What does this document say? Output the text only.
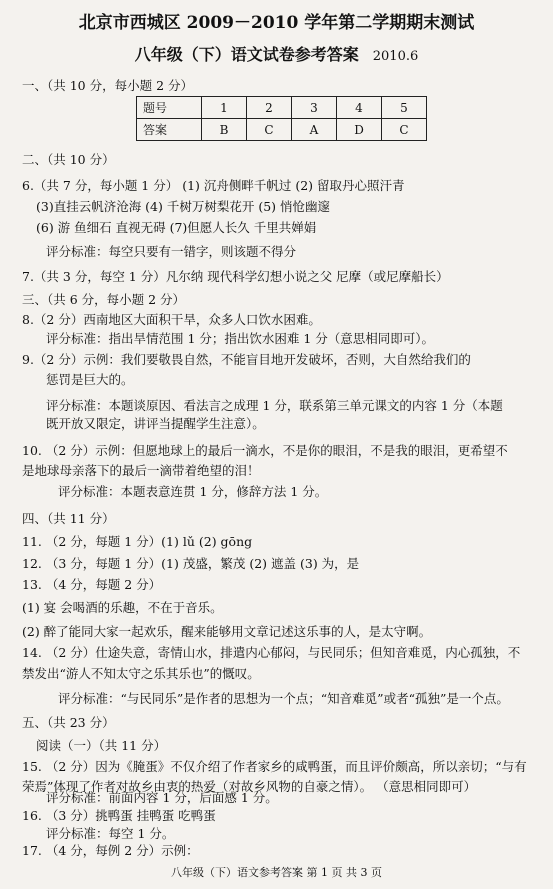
北京市西城区 2009－2010 学年第二学期期末测试
八年级（下）语文试卷参考答案 2010.6
一、（共 10 分，每小题 2 分）
题号	1	2	3	4	5
答案	B	C	A	D	C
二、（共 10 分）
6.（共 7 分，每小题 1 分） (1) 沉舟侧畔千帆过 (2) 留取丹心照汗青
(3)直挂云帆济沧海 (4) 千树万树梨花开 (5) 悄怆幽邃
(6) 游 鱼细石 直视无碍 (7)但愿人长久 千里共婵娟
评分标准：每空只要有一错字，则该题不得分
7.（共 3 分，每空 1 分）凡尔纳 现代科学幻想小说之父 尼摩（或尼摩船长）
三、（共 6 分，每小题 2 分）
8.（2 分）西南地区大面积干旱，众多人口饮水困难。
评分标准：指出旱情范围 1 分；指出饮水困难 1 分（意思相同即可）。
9.（2 分）示例：我们要敬畏自然，不能盲目地开发破坏，否则，大自然给我们的
惩罚是巨大的。
评分标准：本题谈原因、看法言之成理 1 分，联系第三单元课文的内容 1 分（本题
既开放又限定，讲评当提醒学生注意）。
10. （2 分）示例：但愿地球上的最后一滴水，不是你的眼泪，不是我的眼泪，更希望不
是地球母亲落下的最后一滴带着绝望的泪！
评分标准：本题表意连贯 1 分，修辞方法 1 分。
四、（共 11 分）
11. （2 分，每题 1 分）(1) lǔ (2) gōng
12. （3 分，每题 1 分）(1) 茂盛，繁茂 (2) 遮盖 (3) 为，是
13. （4 分，每题 2 分）
(1) 宴 会喝酒的乐趣，不在于音乐。
(2) 醉了能同大家一起欢乐，醒来能够用文章记述这乐事的人，是太守啊。
14. （2 分）仕途失意，寄情山水，排遣内心郁闷，与民同乐；但知音难觅，内心孤独，不
禁发出“游人不知太守之乐其乐也”的慨叹。
评分标准：“与民同乐”是作者的思想为一个点；“知音难觅”或者“孤独”是一个点。
五、（共 23 分）
阅读（一）（共 11 分）
15. （2 分）因为《腌蛋》不仅介绍了作者家乡的咸鸭蛋，而且评价颇高，所以亲切；“与有
荣焉”体现了作者对故乡由衷的热爱（对故乡风物的自豪之情）。 （意思相同即可）
评分标准：前面内容 1 分，后面感 1 分。
16. （3 分）挑鸭蛋 挂鸭蛋 吃鸭蛋
评分标准：每空 1 分。
八年级（下）语文参考答案 第 1 页 共 3 页
17. （4 分，每例 2 分）示例：
